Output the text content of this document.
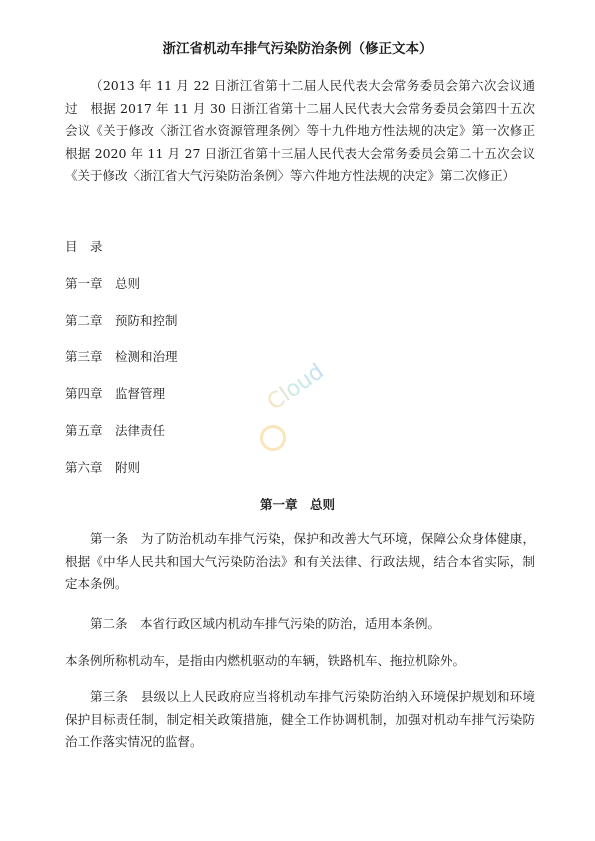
浙江省机动车排气污染防治条例（修正文本）

（2013 年 11 月 22 日浙江省第十二届人民代表大会常务委员会第六次会议通过　根据 2017 年 11 月 30 日浙江省第十二届人民代表大会常务委员会第四十五次会议《关于修改〈浙江省水资源管理条例〉等十九件地方性法规的决定》第一次修正　根据 2020 年 11 月 27 日浙江省第十三届人民代表大会常务委员会第二十五次会议《关于修改〈浙江省大气污染防治条例〉等六件地方性法规的决定》第二次修正）

目　录
第一章　总则
第二章　预防和控制
第三章　检测和治理
第四章　监督管理
第五章　法律责任
第六章　附则
第一章　总则

第一条　为了防治机动车排气污染，保护和改善大气环境，保障公众身体健康，根据《中华人民共和国大气污染防治法》和有关法律、行政法规，结合本省实际，制定本条例。

第二条　本省行政区域内机动车排气污染的防治，适用本条例。

本条例所称机动车，是指由内燃机驱动的车辆，铁路机车、拖拉机除外。

第三条　县级以上人民政府应当将机动车排气污染防治纳入环境保护规划和环境保护目标责任制，制定相关政策措施，健全工作协调机制，加强对机动车排气污染防治工作落实情况的监督。

Cloud
